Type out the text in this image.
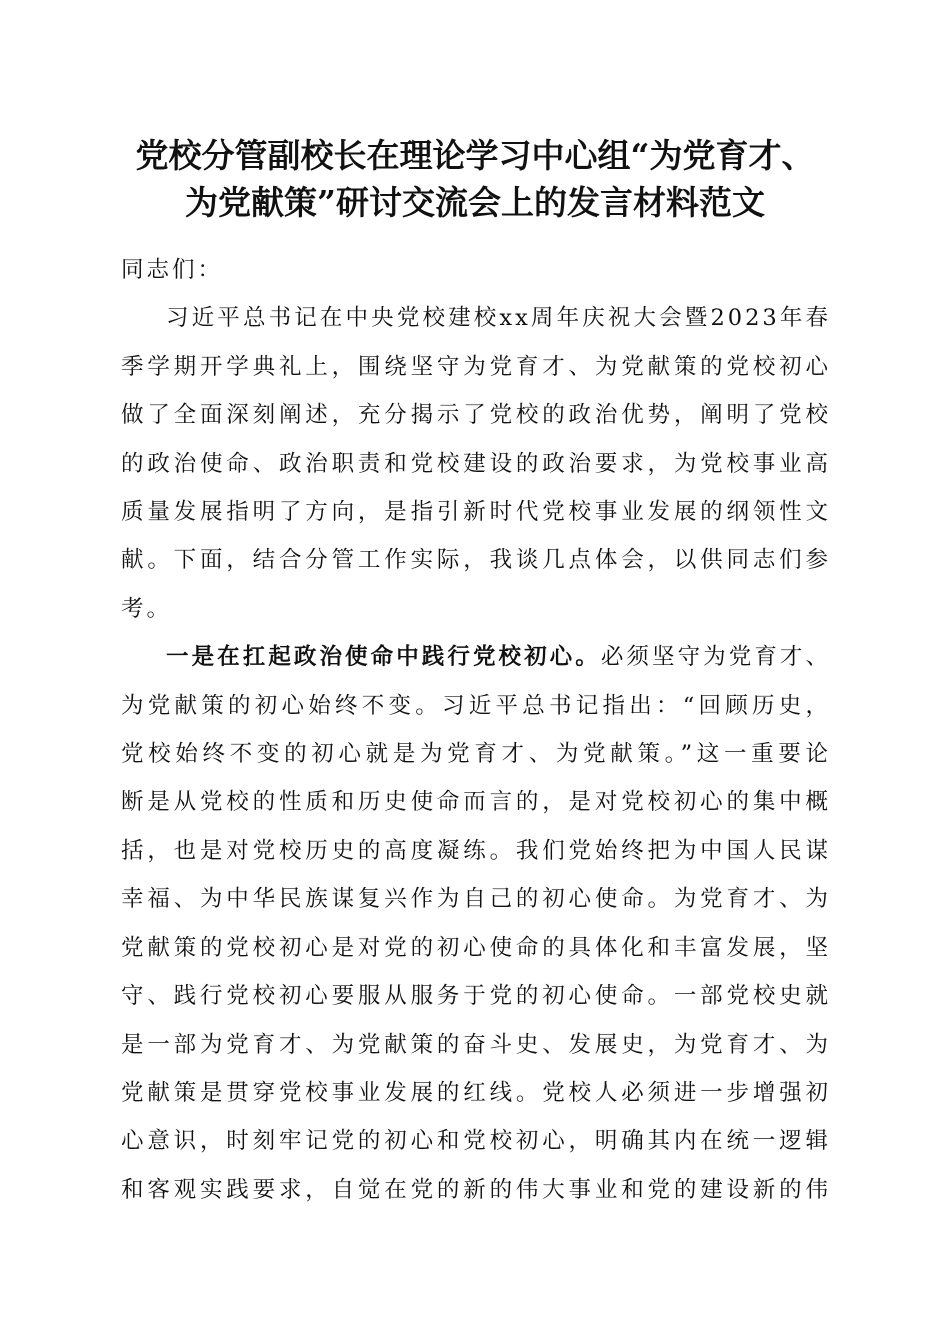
党校分管副校长在理论学习中心组“为党育才、
为党献策”研讨交流会上的发言材料范文

同志们：

习近平总书记在中央党校建校xx周年庆祝大会暨2023年春
季学期开学典礼上，围绕坚守为党育才、为党献策的党校初心
做了全面深刻阐述，充分揭示了党校的政治优势，阐明了党校
的政治使命、政治职责和党校建设的政治要求，为党校事业高
质量发展指明了方向，是指引新时代党校事业发展的纲领性文
献。下面，结合分管工作实际，我谈几点体会，以供同志们参
考。

一是在扛起政治使命中践行党校初心。必须坚守为党育才、
为党献策的初心始终不变。习近平总书记指出：“回顾历史，
党校始终不变的初心就是为党育才、为党献策。”这一重要论
断是从党校的性质和历史使命而言的，是对党校初心的集中概
括，也是对党校历史的高度凝练。我们党始终把为中国人民谋
幸福、为中华民族谋复兴作为自己的初心使命。为党育才、为
党献策的党校初心是对党的初心使命的具体化和丰富发展，坚
守、践行党校初心要服从服务于党的初心使命。一部党校史就
是一部为党育才、为党献策的奋斗史、发展史，为党育才、为
党献策是贯穿党校事业发展的红线。党校人必须进一步增强初
心意识，时刻牢记党的初心和党校初心，明确其内在统一逻辑
和客观实践要求，自觉在党的新的伟大事业和党的建设新的伟
